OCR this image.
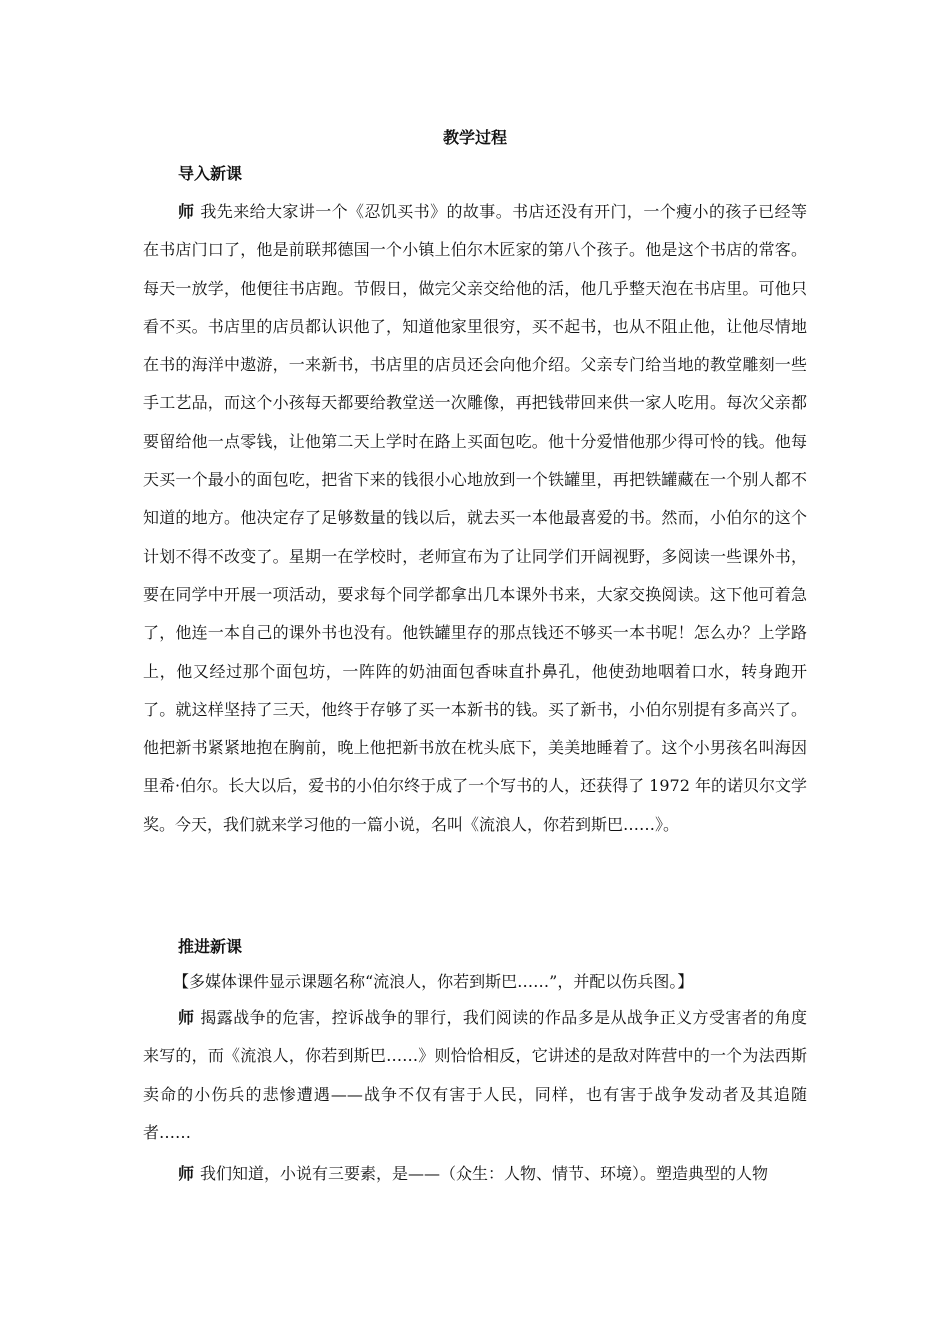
教学过程
导入新课

师 我先来给大家讲一个《忍饥买书》的故事。书店还没有开门，一个瘦小的孩子已经等在书店门口了，他是前联邦德国一个小镇上伯尔木匠家的第八个孩子。他是这个书店的常客。每天一放学，他便往书店跑。节假日，做完父亲交给他的活，他几乎整天泡在书店里。可他只看不买。书店里的店员都认识他了，知道他家里很穷，买不起书，也从不阻止他，让他尽情地在书的海洋中遨游，一来新书，书店里的店员还会向他介绍。父亲专门给当地的教堂雕刻一些手工艺品，而这个小孩每天都要给教堂送一次雕像，再把钱带回来供一家人吃用。每次父亲都要留给他一点零钱，让他第二天上学时在路上买面包吃。他十分爱惜他那少得可怜的钱。他每天买一个最小的面包吃，把省下来的钱很小心地放到一个铁罐里，再把铁罐藏在一个别人都不知道的地方。他决定存了足够数量的钱以后，就去买一本他最喜爱的书。然而，小伯尔的这个计划不得不改变了。星期一在学校时，老师宣布为了让同学们开阔视野，多阅读一些课外书，要在同学中开展一项活动，要求每个同学都拿出几本课外书来，大家交换阅读。这下他可着急了，他连一本自己的课外书也没有。他铁罐里存的那点钱还不够买一本书呢！怎么办？上学路上，他又经过那个面包坊，一阵阵的奶油面包香味直扑鼻孔，他使劲地咽着口水，转身跑开了。就这样坚持了三天，他终于存够了买一本新书的钱。买了新书，小伯尔别提有多高兴了。他把新书紧紧地抱在胸前，晚上他把新书放在枕头底下，美美地睡着了。这个小男孩名叫海因里希·伯尔。长大以后，爱书的小伯尔终于成了一个写书的人，还获得了 1972 年的诺贝尔文学奖。今天，我们就来学习他的一篇小说，名叫《流浪人，你若到斯巴……》。

推进新课

【多媒体课件显示课题名称“流浪人，你若到斯巴……”，并配以伤兵图。】

师 揭露战争的危害，控诉战争的罪行，我们阅读的作品多是从战争正义方受害者的角度来写的，而《流浪人，你若到斯巴……》则恰恰相反，它讲述的是敌对阵营中的一个为法西斯卖命的小伤兵的悲惨遭遇——战争不仅有害于人民，同样，也有害于战争发动者及其追随者……

师 我们知道，小说有三要素，是——（众生：人物、情节、环境）。塑造典型的人物
